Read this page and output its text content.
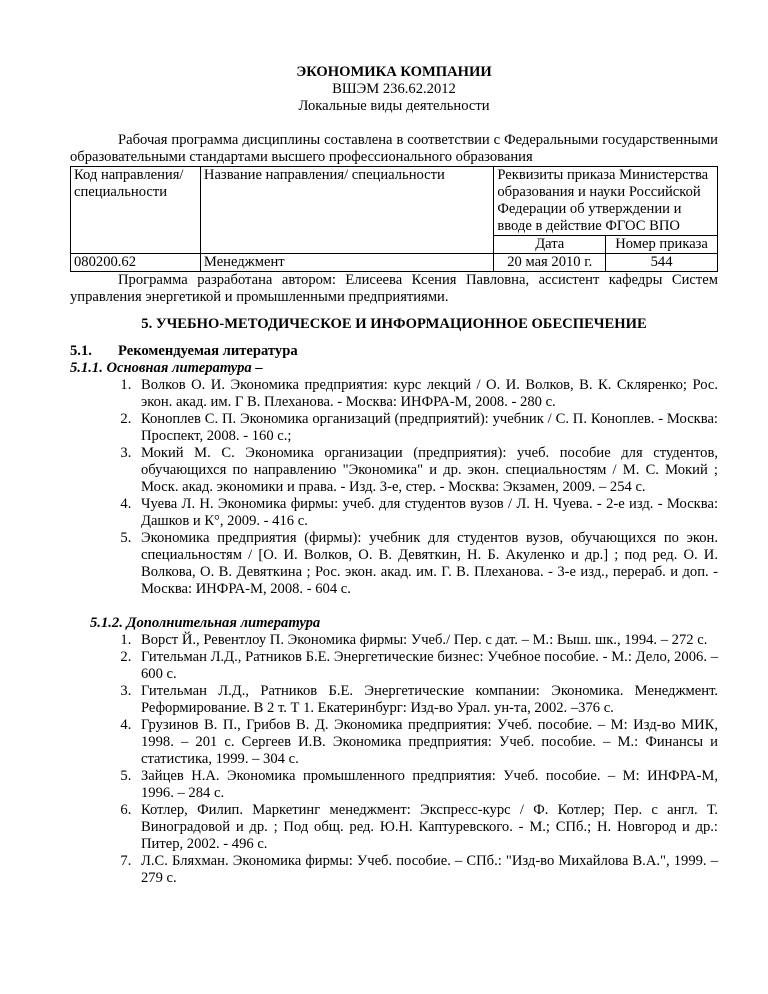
ЭКОНОМИКА КОМПАНИИ

ВШЭМ 236.62.2012

Локальные виды деятельности

Рабочая программа дисциплины составлена в соответствии с Федеральными государственными образовательными стандартами высшего профессионального образования

Код направления/ специальности	Название направления/ специальности	Реквизиты приказа Министерства образования и науки Российской Федерации об утверждении и вводе в действие ФГОС ВПО	
		Дата	Номер приказа
080200.62	Менеджмент	20 мая 2010 г.	544

Программа разработана автором: Елисеева Ксения Павловна, ассистент кафедры Систем управления энергетикой и промышленными предприятиями.

5. УЧЕБНО-МЕТОДИЧЕСКОЕ И ИНФОРМАЦИОННОЕ ОБЕСПЕЧЕНИЕ

5.1. Рекомендуемая литература

5.1.1. Основная литература –

1. Волков О. И. Экономика предприятия: курс лекций / О. И. Волков, В. К. Скляренко; Рос. экон. акад. им. Г В. Плеханова. - Москва: ИНФРА-М, 2008. - 280 с.
2. Коноплев С. П. Экономика организаций (предприятий): учебник / С. П. Коноплев. - Москва: Проспект, 2008. - 160 с.;
3. Мокий М. С. Экономика организации (предприятия): учеб. пособие для студентов, обучающихся по направлению "Экономика" и др. экон. специальностям / М. С. Мокий ; Моск. акад. экономики и права. - Изд. 3-е, стер. - Москва: Экзамен, 2009. – 254 с.
4. Чуева Л. Н. Экономика фирмы: учеб. для студентов вузов / Л. Н. Чуева. - 2-е изд. - Москва: Дашков и К°, 2009. - 416 с.
5. Экономика предприятия (фирмы): учебник для студентов вузов, обучающихся по экон. специальностям / [О. И. Волков, О. В. Девяткин, Н. Б. Акуленко и др.] ; под ред. О. И. Волкова, О. В. Девяткина ; Рос. экон. акад. им. Г. В. Плеханова. - 3-е изд., перераб. и доп. - Москва: ИНФРА-М, 2008. - 604 с.

5.1.2. Дополнительная литература

1. Ворст Й., Ревентлоу П. Экономика фирмы: Учеб./ Пер. с дат. – М.: Выш. шк., 1994. – 272 с.
2. Гительман Л.Д., Ратников Б.Е. Энергетические бизнес: Учебное пособие. - М.: Дело, 2006. – 600 с.
3. Гительман Л.Д., Ратников Б.Е. Энергетические компании: Экономика. Менеджмент. Реформирование. В 2 т. Т 1. Екатеринбург: Изд-во Урал. ун-та, 2002. –376 с.
4. Грузинов В. П., Грибов В. Д. Экономика предприятия: Учеб. пособие. – М: Изд-во МИК, 1998. – 201 с. Сергеев И.В. Экономика предприятия: Учеб. пособие. – М.: Финансы и статистика, 1999. – 304 с.
5. Зайцев Н.А. Экономика промышленного предприятия: Учеб. пособие. – М: ИНФРА-М, 1996. – 284 с.
6. Котлер, Филип. Маркетинг менеджмент: Экспресс-курс / Ф. Котлер; Пер. с англ. Т. Виноградовой и др. ; Под общ. ред. Ю.Н. Каптуревского. - М.; СПб.; Н. Новгород и др.: Питер, 2002. - 496 с.
7. Л.С. Бляхман. Экономика фирмы: Учеб. пособие. – СПб.: "Изд-во Михайлова В.А.", 1999. – 279 с.
